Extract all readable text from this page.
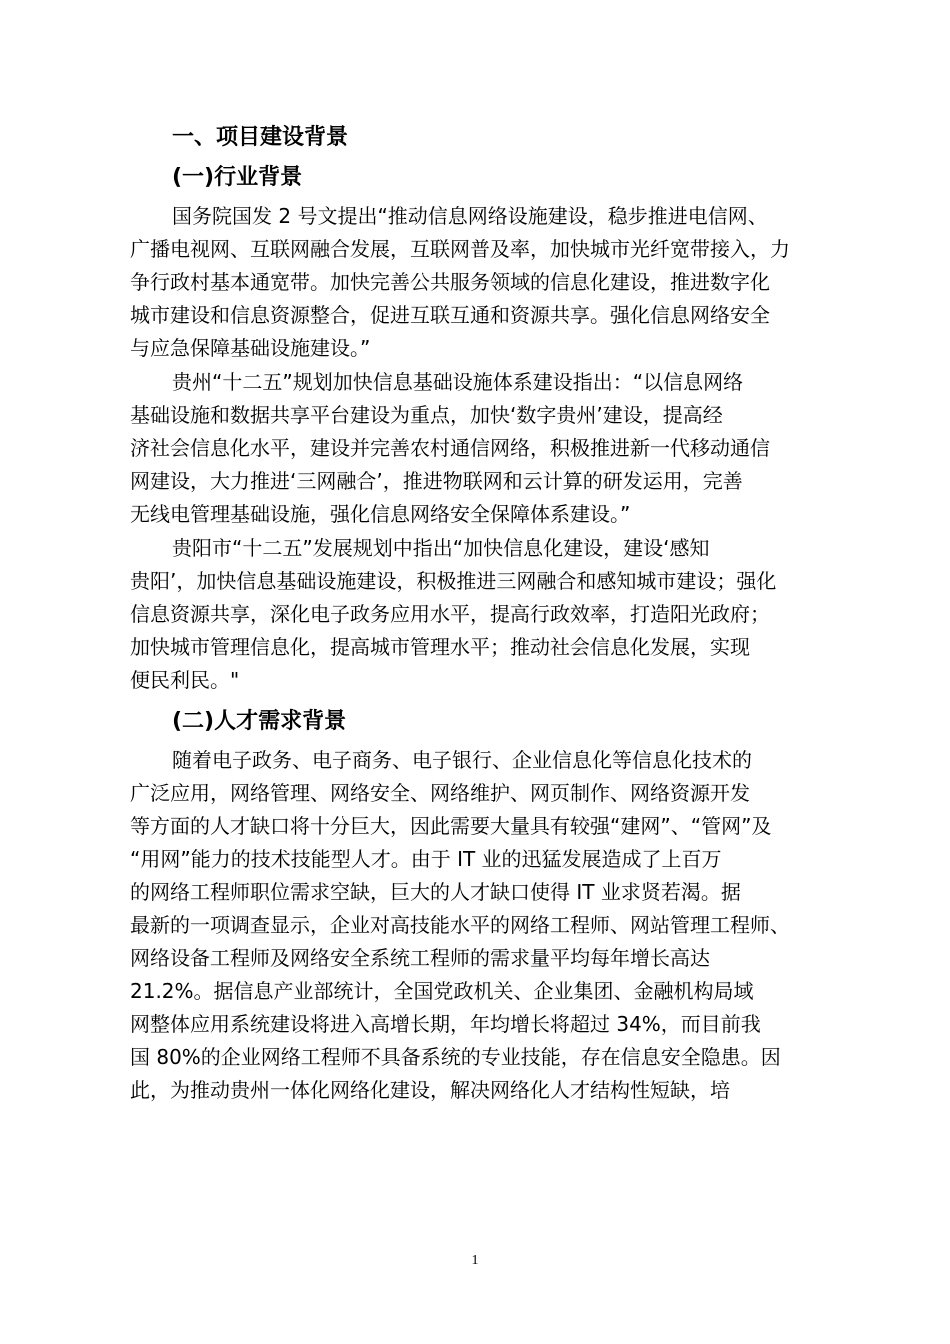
一、项目建设背景
(一)行业背景

国务院国发 2 号文提出“推动信息网络设施建设，稳步推进电信网、

广播电视网、互联网融合发展，互联网普及率，加快城市光纤宽带接入，力

争行政村基本通宽带。加快完善公共服务领域的信息化建设，推进数字化

城市建设和信息资源整合，促进互联互通和资源共享。强化信息网络安全

与应急保障基础设施建设。”

贵州“十二五”规划加快信息基础设施体系建设指出：“以信息网络

基础设施和数据共享平台建设为重点，加快‘数字贵州’建设，提高经

济社会信息化水平，建设并完善农村通信网络，积极推进新一代移动通信

网建设，大力推进‘三网融合’，推进物联网和云计算的研发运用，完善

无线电管理基础设施，强化信息网络安全保障体系建设。”

贵阳市“十二五”发展规划中指出“加快信息化建设，建设‘感知

贵阳’，加快信息基础设施建设，积极推进三网融合和感知城市建设；强化

信息资源共享，深化电子政务应用水平，提高行政效率，打造阳光政府；

加快城市管理信息化，提高城市管理水平；推动社会信息化发展，实现

便民利民。"

(二)人才需求背景

随着电子政务、电子商务、电子银行、企业信息化等信息化技术的

广泛应用，网络管理、网络安全、网络维护、网页制作、网络资源开发

等方面的人才缺口将十分巨大，因此需要大量具有较强“建网”、“管网”及

“用网”能力的技术技能型人才。由于 IT 业的迅猛发展造成了上百万

的网络工程师职位需求空缺，巨大的人才缺口使得 IT 业求贤若渴。据

最新的一项调查显示，企业对高技能水平的网络工程师、网站管理工程师、

网络设备工程师及网络安全系统工程师的需求量平均每年增长高达

21.2%。据信息产业部统计，全国党政机关、企业集团、金融机构局域

网整体应用系统建设将进入高增长期，年均增长将超过 34%，而目前我

国 80%的企业网络工程师不具备系统的专业技能，存在信息安全隐患。因

此，为推动贵州一体化网络化建设，解决网络化人才结构性短缺，培

1
